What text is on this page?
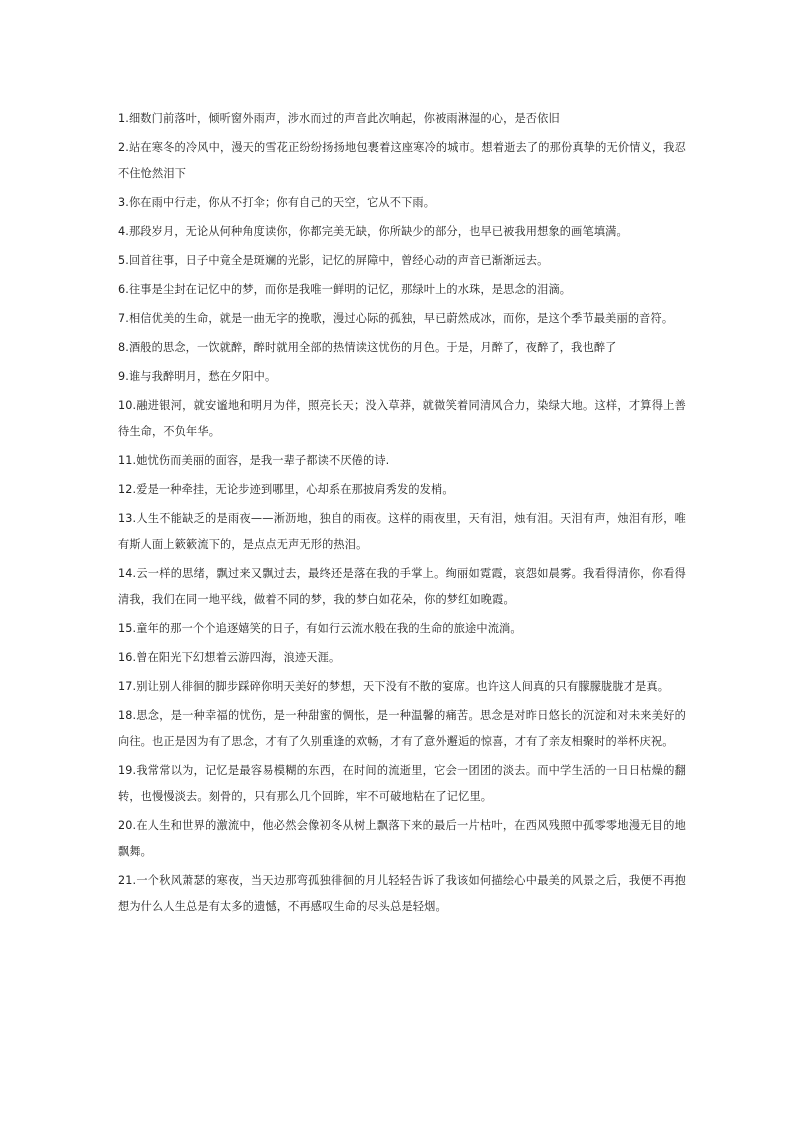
1.细数门前落叶，倾听窗外雨声，涉水而过的声音此次响起，你被雨淋湿的心，是否依旧

2.站在寒冬的冷风中，漫天的雪花正纷纷扬扬地包裹着这座寒冷的城市。想着逝去了的那份真挚的无价情义，我忍不住怆然泪下

3.你在雨中行走，你从不打伞；你有自己的天空，它从不下雨。

4.那段岁月，无论从何种角度读你，你都完美无缺，你所缺少的部分，也早已被我用想象的画笔填满。

5.回首往事，日子中竟全是斑斓的光影，记忆的屏障中，曾经心动的声音已渐渐远去。

6.往事是尘封在记忆中的梦，而你是我唯一鲜明的记忆，那绿叶上的水珠，是思念的泪滴。

7.相信优美的生命，就是一曲无字的挽歌，漫过心际的孤独，早已蔚然成冰，而你，是这个季节最美丽的音符。

8.酒般的思念，一饮就醉，醉时就用全部的热情读这忧伤的月色。于是，月醉了，夜醉了，我也醉了

9.谁与我醉明月，愁在夕阳中。

10.融进银河，就安谧地和明月为伴，照亮长天；没入草莽，就微笑着同清风合力，染绿大地。这样，才算得上善待生命，不负年华。

11.她忧伤而美丽的面容，是我一辈子都读不厌倦的诗.

12.爱是一种牵挂，无论步迹到哪里，心却系在那披肩秀发的发梢。

13.人生不能缺乏的是雨夜——淅沥地，独自的雨夜。这样的雨夜里，天有泪，烛有泪。天泪有声，烛泪有形，唯有斯人面上簌簌流下的，是点点无声无形的热泪。

14.云一样的思绪，飘过来又飘过去，最终还是落在我的手掌上。绚丽如霓霞，哀怨如晨雾。我看得清你，你看得清我，我们在同一地平线，做着不同的梦，我的梦白如花朵，你的梦红如晚霞。

15.童年的那一个个追逐嬉笑的日子，有如行云流水般在我的生命的旅途中流淌。

16.曾在阳光下幻想着云游四海，浪迹天涯。

17.别让别人徘徊的脚步踩碎你明天美好的梦想，天下没有不散的宴席。也许这人间真的只有朦朦胧胧才是真。

18.思念，是一种幸福的忧伤，是一种甜蜜的惆怅，是一种温馨的痛苦。思念是对昨日悠长的沉淀和对未来美好的向往。也正是因为有了思念，才有了久别重逢的欢畅，才有了意外邂逅的惊喜，才有了亲友相聚时的举杯庆祝。

19.我常常以为，记忆是最容易模糊的东西，在时间的流逝里，它会一团团的淡去。而中学生活的一日日枯燥的翻转，也慢慢淡去。刻骨的，只有那么几个回眸，牢不可破地粘在了记忆里。

20.在人生和世界的激流中，他必然会像初冬从树上飘落下来的最后一片枯叶，在西风残照中孤零零地漫无目的地飘舞。

21.一个秋风萧瑟的寒夜，当天边那弯孤独徘徊的月儿轻轻告诉了我该如何描绘心中最美的风景之后，我便不再抱想为什么人生总是有太多的遗憾，不再感叹生命的尽头总是轻烟。
